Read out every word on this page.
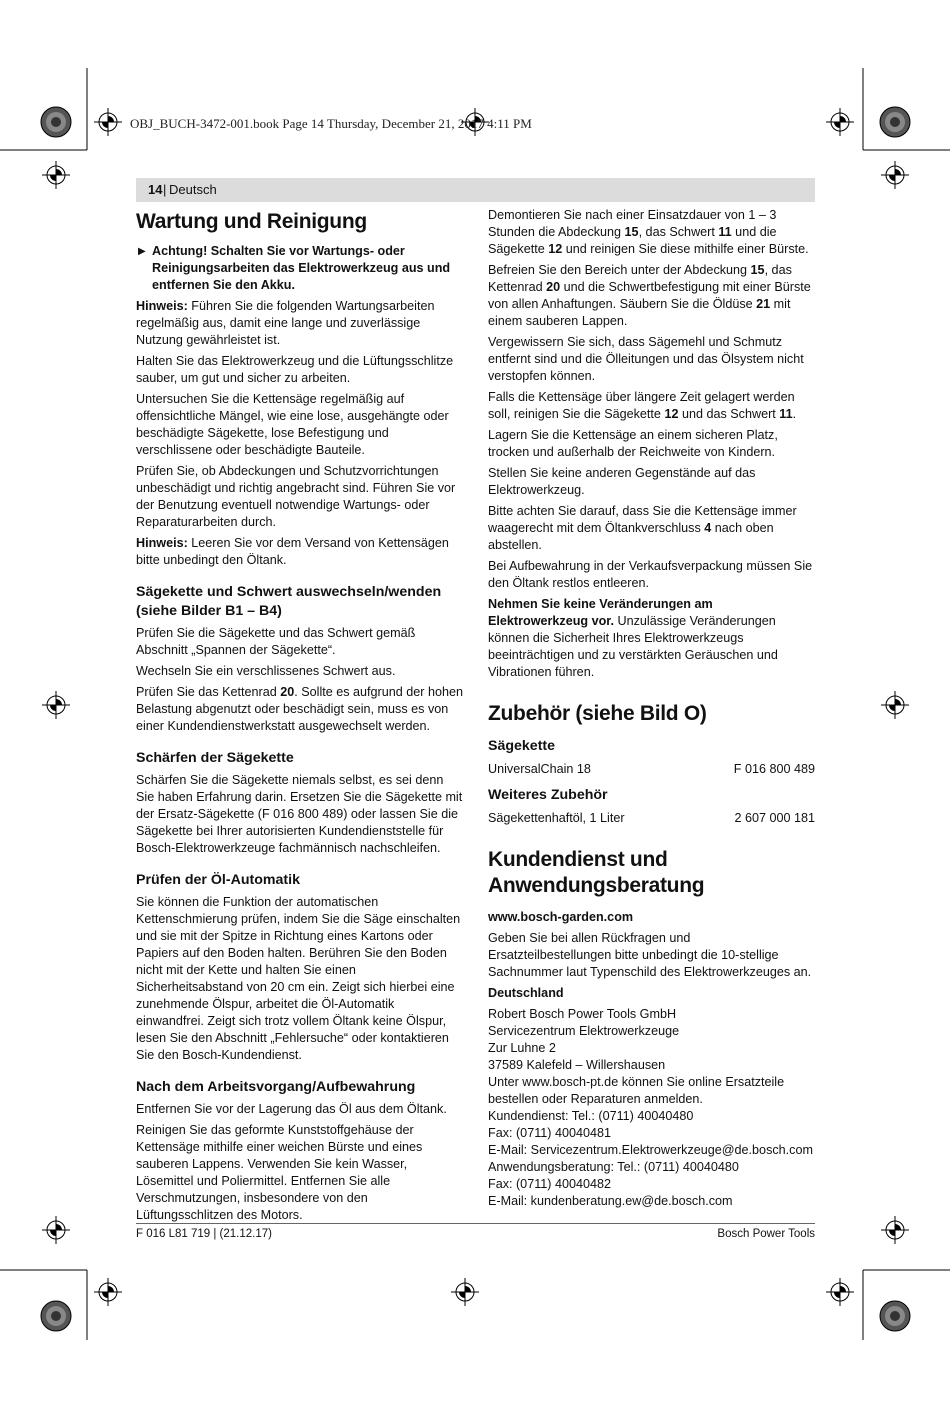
OBJ_BUCH-3472-001.book Page 14 Thursday, December 21, 2017 4:11 PM
14 | Deutsch
Wartung und Reinigung
▶ Achtung! Schalten Sie vor Wartungs- oder Reinigungsarbeiten das Elektrowerkzeug aus und entfernen Sie den Akku.

Hinweis: Führen Sie die folgenden Wartungsarbeiten regelmäßig aus, damit eine lange und zuverlässige Nutzung gewährleistet ist.

Halten Sie das Elektrowerkzeug und die Lüftungsschlitze sauber, um gut und sicher zu arbeiten.

Untersuchen Sie die Kettensäge regelmäßig auf offensichtliche Mängel, wie eine lose, ausgehängte oder beschädigte Sägekette, lose Befestigung und verschlissene oder beschädigte Bauteile.

Prüfen Sie, ob Abdeckungen und Schutzvorrichtungen unbeschädigt und richtig angebracht sind. Führen Sie vor der Benutzung eventuell notwendige Wartungs- oder Reparaturarbeiten durch.

Hinweis: Leeren Sie vor dem Versand von Kettensägen bitte unbedingt den Öltank.

Sägekette und Schwert auswechseln/wenden (siehe Bilder B1 – B4)

Prüfen Sie die Sägekette und das Schwert gemäß Abschnitt „Spannen der Sägekette“.

Wechseln Sie ein verschlissenes Schwert aus.

Prüfen Sie das Kettenrad 20. Sollte es aufgrund der hohen Belastung abgenutzt oder beschädigt sein, muss es von einer Kundendienstwerkstatt ausgewechselt werden.

Schärfen der Sägekette

Schärfen Sie die Sägekette niemals selbst, es sei denn Sie haben Erfahrung darin. Ersetzen Sie die Sägekette mit der Ersatz-Sägekette (F 016 800 489) oder lassen Sie die Sägekette bei Ihrer autorisierten Kundendienststelle für Bosch-Elektrowerkzeuge fachmännisch nachschleifen.

Prüfen der Öl-Automatik

Sie können die Funktion der automatischen Kettenschmierung prüfen, indem Sie die Säge einschalten und sie mit der Spitze in Richtung eines Kartons oder Papiers auf den Boden halten. Berühren Sie den Boden nicht mit der Kette und halten Sie einen Sicherheitsabstand von 20 cm ein. Zeigt sich hierbei eine zunehmende Ölspur, arbeitet die Öl-Automatik einwandfrei. Zeigt sich trotz vollem Öltank keine Ölspur, lesen Sie den Abschnitt „Fehlersuche“ oder kontaktieren Sie den Bosch-Kundendienst.

Nach dem Arbeitsvorgang/Aufbewahrung

Entfernen Sie vor der Lagerung das Öl aus dem Öltank.

Reinigen Sie das geformte Kunststoffgehäuse der Kettensäge mithilfe einer weichen Bürste und eines sauberen Lappens. Verwenden Sie kein Wasser, Lösemittel und Poliermittel. Entfernen Sie alle Verschmutzungen, insbesondere von den Lüftungsschlitzen des Motors.

Demontieren Sie nach einer Einsatzdauer von 1 – 3 Stunden die Abdeckung 15, das Schwert 11 und die Sägekette 12 und reinigen Sie diese mithilfe einer Bürste.

Befreien Sie den Bereich unter der Abdeckung 15, das Kettenrad 20 und die Schwertbefestigung mit einer Bürste von allen Anhaftungen. Säubern Sie die Öldüse 21 mit einem sauberen Lappen.

Vergewissern Sie sich, dass Sägemehl und Schmutz entfernt sind und die Ölleitungen und das Ölsystem nicht verstopfen können.

Falls die Kettensäge über längere Zeit gelagert werden soll, reinigen Sie die Sägekette 12 und das Schwert 11.

Lagern Sie die Kettensäge an einem sicheren Platz, trocken und außerhalb der Reichweite von Kindern.

Stellen Sie keine anderen Gegenstände auf das Elektrowerkzeug.

Bitte achten Sie darauf, dass Sie die Kettensäge immer waagerecht mit dem Öltankverschluss 4 nach oben abstellen.

Bei Aufbewahrung in der Verkaufsverpackung müssen Sie den Öltank restlos entleeren.

Nehmen Sie keine Veränderungen am Elektrowerkzeug vor. Unzulässige Veränderungen können die Sicherheit Ihres Elektrowerkzeugs beeinträchtigen und zu verstärkten Geräuschen und Vibrationen führen.

Zubehör (siehe Bild O)
Sägekette
UniversalChain 18	F 016 800 489
Weiteres Zubehör
Sägekettenhaftöl, 1 Liter	2 607 000 181
Kundendienst und Anwendungsberatung

www.bosch-garden.com

Geben Sie bei allen Rückfragen und Ersatzteilbestellungen bitte unbedingt die 10-stellige Sachnummer laut Typenschild des Elektrowerkzeuges an.

Deutschland

Robert Bosch Power Tools GmbH

Servicezentrum Elektrowerkzeuge

Zur Luhne 2

37589 Kalefeld – Willershausen

Unter www.bosch-pt.de können Sie online Ersatzteile bestellen oder Reparaturen anmelden.

Kundendienst: Tel.: (0711) 40040480

Fax: (0711) 40040481

E-Mail: Servicezentrum.Elektrowerkzeuge@de.bosch.com

Anwendungsberatung: Tel.: (0711) 40040480

Fax: (0711) 40040482

E-Mail: kundenberatung.ew@de.bosch.com

F 016 L81 719 | (21.12.17)	Bosch Power Tools
